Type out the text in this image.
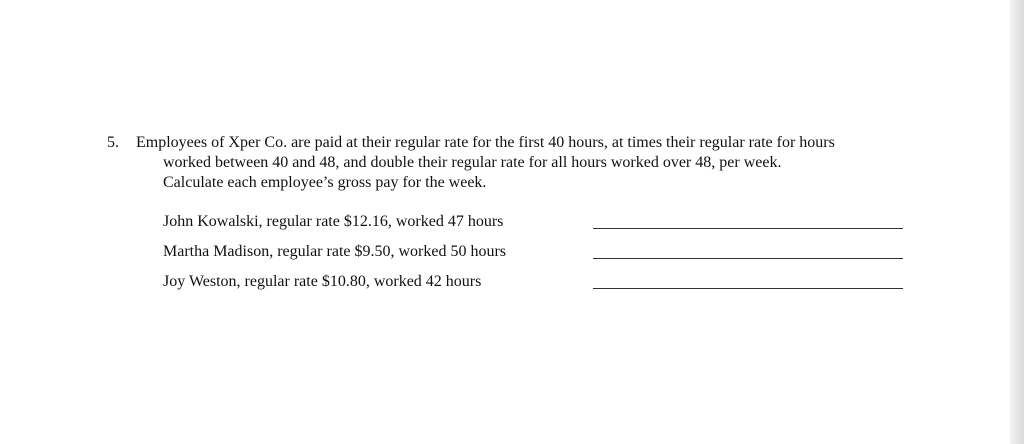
5. Employees of Xper Co. are paid at their regular rate for the first 40 hours, at times their regular rate for hours
worked between 40 and 48, and double their regular rate for all hours worked over 48, per week.
Calculate each employee’s gross pay for the week.
John Kowalski, regular rate $12.16, worked 47 hours
Martha Madison, regular rate $9.50, worked 50 hours
Joy Weston, regular rate $10.80, worked 42 hours
